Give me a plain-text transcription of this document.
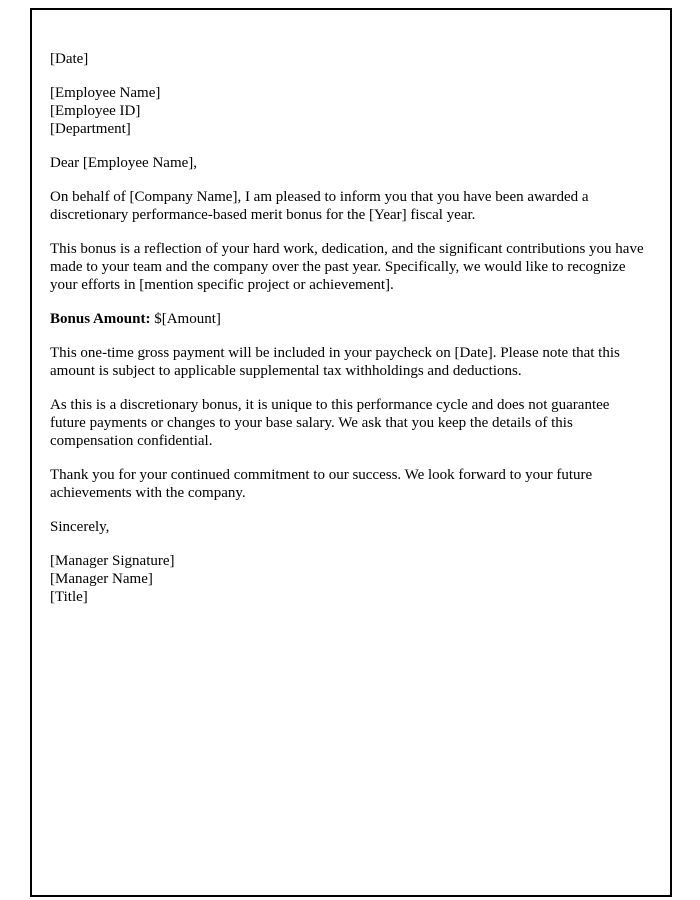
[Date]
[Employee Name]
[Employee ID]
[Department]
Dear [Employee Name],

On behalf of [Company Name], I am pleased to inform you that you have been awarded a discretionary performance-based merit bonus for the [Year] fiscal year.

This bonus is a reflection of your hard work, dedication, and the significant contributions you have made to your team and the company over the past year. Specifically, we would like to recognize your efforts in [mention specific project or achievement].

Bonus Amount: $[Amount]

This one-time gross payment will be included in your paycheck on [Date]. Please note that this amount is subject to applicable supplemental tax withholdings and deductions.

As this is a discretionary bonus, it is unique to this performance cycle and does not guarantee future payments or changes to your base salary. We ask that you keep the details of this compensation confidential.

Thank you for your continued commitment to our success. We look forward to your future achievements with the company.

Sincerely,
[Manager Signature]
[Manager Name]
[Title]
